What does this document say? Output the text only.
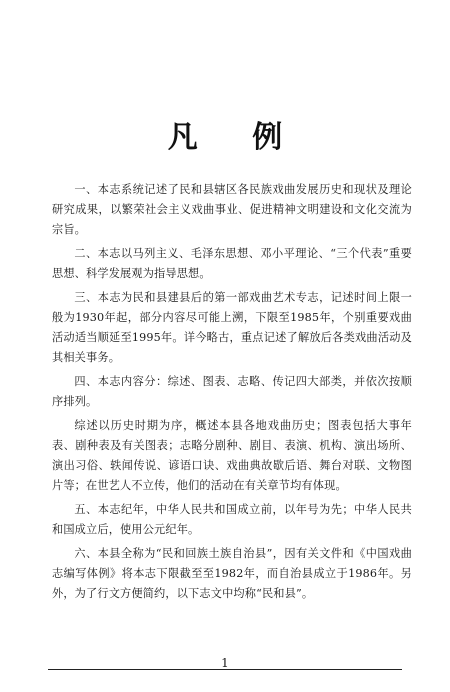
凡 例

一、本志系统记述了民和县辖区各民族戏曲发展历史和现状及理论研究成果，以繁荣社会主义戏曲事业、促进精神文明建设和文化交流为宗旨。

二、本志以马列主义、毛泽东思想、邓小平理论、“三个代表”重要思想、科学发展观为指导思想。

三、本志为民和县建县后的第一部戏曲艺术专志，记述时间上限一般为1930年起，部分内容尽可能上溯，下限至1985年，个别重要戏曲活动适当顺延至1995年。详今略古，重点记述了解放后各类戏曲活动及其相关事务。

四、本志内容分：综述、图表、志略、传记四大部类，并依次按顺序排列。

综述以历史时期为序，概述本县各地戏曲历史；图表包括大事年表、剧种表及有关图表；志略分剧种、剧目、表演、机构、演出场所、演出习俗、轶闻传说、谚语口诀、戏曲典故歇后语、舞台对联、文物图片等；在世艺人不立传，他们的活动在有关章节均有体现。

五、本志纪年，中华人民共和国成立前，以年号为先；中华人民共和国成立后，使用公元纪年。

六、本县全称为“民和回族土族自治县”，因有关文件和《中国戏曲志编写体例》将本志下限截至至1982年，而自治县成立于1986年。另外，为了行文方便简约，以下志文中均称“民和县”。

1
